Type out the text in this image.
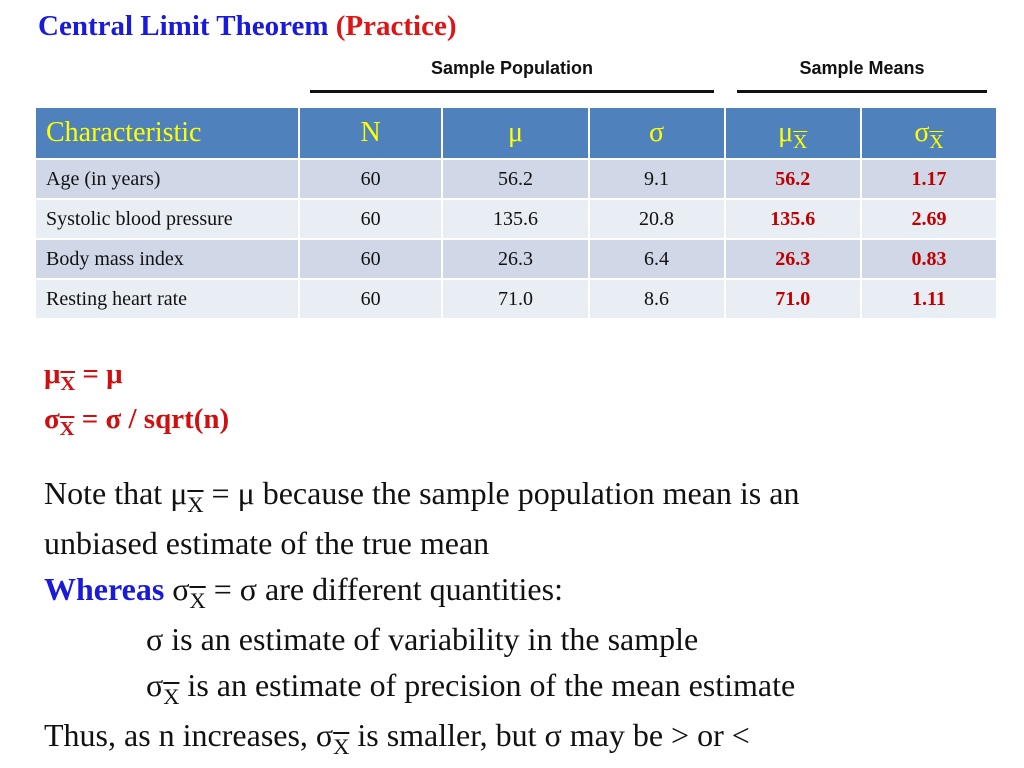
Central Limit Theorem (Practice)
Sample Population	Sample Means
Characteristic	N	μ	σ	$\mu_{\overline{X}}$	$\sigma_{\overline{X}}$
Age (in years)	60	56.2	9.1	56.2	1.17
Systolic blood pressure	60	135.6	20.8	135.6	2.69
Body mass index	60	26.3	6.4	26.3	0.83
Resting heart rate	60	71.0	8.6	71.0	1.11
$\mu_{\overline{X}} = \mu$
$\sigma_{\overline{X}} = \sigma$ / sqrt(n)

Note that $\mu_{\overline{X}} = \mu$ because the sample population mean is an

unbiased estimate of the true mean

Whereas $\sigma_{\overline{X}} = \sigma$ are different quantities:

σ is an estimate of variability in the sample

$\sigma_{\overline{X}}$ is an estimate of precision of the mean estimate

Thus, as n increases, $\sigma_{\overline{X}}$ is smaller, but σ may be > or <
